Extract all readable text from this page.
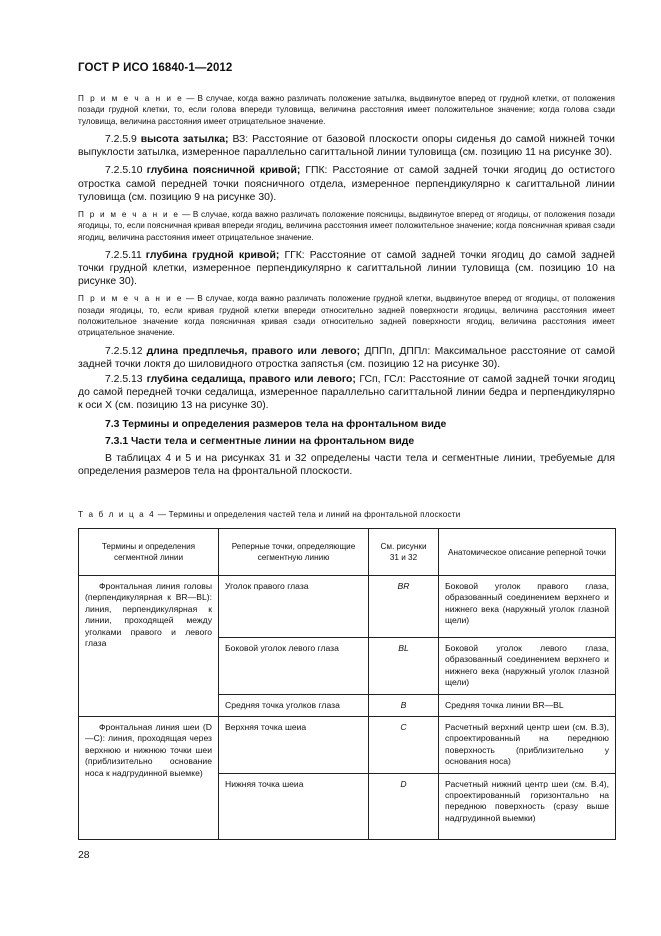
ГОСТ Р ИСО 16840-1—2012

П р и м е ч а н и е — В случае, когда важно различать положение затылка, выдвинутое вперед от грудной клетки, от положения позади грудной клетки, то, если голова впереди туловища, величина расстояния имеет положительное значение; когда голова сзади туловища, величина расстояния имеет отрицательное значение.

7.2.5.9 высота затылка; ВЗ: Расстояние от базовой плоскости опоры сиденья до самой нижней точки выпуклости затылка, измеренное параллельно сагиттальной линии туловища (см. позицию 11 на рисунке 30).

7.2.5.10 глубина поясничной кривой; ГПК: Расстояние от самой задней точки ягодиц до остистого отростка самой передней точки поясничного отдела, измеренное перпендикулярно к сагиттальной линии туловища (см. позицию 9 на рисунке 30).

П р и м е ч а н и е — В случае, когда важно различать положение поясницы, выдвинутое вперед от ягодицы, от положения позади ягодицы, то, если поясничная кривая впереди ягодиц, величина расстояния имеет положительное значение; когда поясничная кривая сзади ягодиц, величина расстояния имеет отрицательное значение.

7.2.5.11 глубина грудной кривой; ГГК: Расстояние от самой задней точки ягодиц до самой задней точки грудной клетки, измеренное перпендикулярно к сагиттальной линии туловища (см. позицию 10 на рисунке 30).

П р и м е ч а н и е — В случае, когда важно различать положение грудной клетки, выдвинутое вперед от ягодицы, от положения позади ягодицы, то, если кривая грудной клетки впереди относительно задней поверхности ягодицы, величина расстояния имеет положительное значение когда поясничная кривая сзади относительно задней поверхности ягодиц, величина расстояния имеет отрицательное значение.

7.2.5.12 длина предплечья, правого или левого; ДППп, ДППл: Максимальное расстояние от самой задней точки локтя до шиловидного отростка запястья (см. позицию 12 на рисунке 30).

7.2.5.13 глубина седалища, правого или левого; ГСп, ГСл: Расстояние от самой задней точки ягодиц до самой передней точки седалища, измеренное параллельно сагиттальной линии бедра и перпендикулярно к оси X (см. позицию 13 на рисунке 30).

7.3 Термины и определения размеров тела на фронтальном виде

7.3.1 Части тела и сегментные линии на фронтальном виде

В таблицах 4 и 5 и на рисунках 31 и 32 определены части тела и сегментные линии, требуемые для определения размеров тела на фронтальной плоскости.

Т а б л и ц а 4 — Термины и определения частей тела и линий на фронтальной плоскости
Термины и определения сегментной линии	Реперные точки, определяющие сегментную линию	См. рисунки 31 и 32	Анатомическое описание реперной точки
Фронтальная линия головы (перпендикулярная к BR—BL): линия, перпендикулярная к линии, проходящей между уголками правого и левого глаза	Уголок правого глаза	BR	Боковой уголок правого глаза, образованный соединением верхнего и нижнего века (наружный уголок глазной щели)
	Боковой уголок левого глаза	BL	Боковой уголок левого глаза, образованный соединением верхнего и нижнего века (наружный уголок глазной щели)
	Средняя точка уголков глаза	B	Средняя точка линии BR—BL
Фронтальная линия шеи (D—C): линия, проходящая через верхнюю и нижнюю точки шеи (приблизительно основание носа к надгрудинной выемке)	Верхняя точка шеиа	C	Расчетный верхний центр шеи (см. В.3), спроектированный на переднюю поверхность (приблизительно у основания носа)
	Нижняя точка шеиа	D	Расчетный нижний центр шеи (см. В.4), спроектированный горизонтально на переднюю поверхность (сразу выше надгрудинной выемки)
28
